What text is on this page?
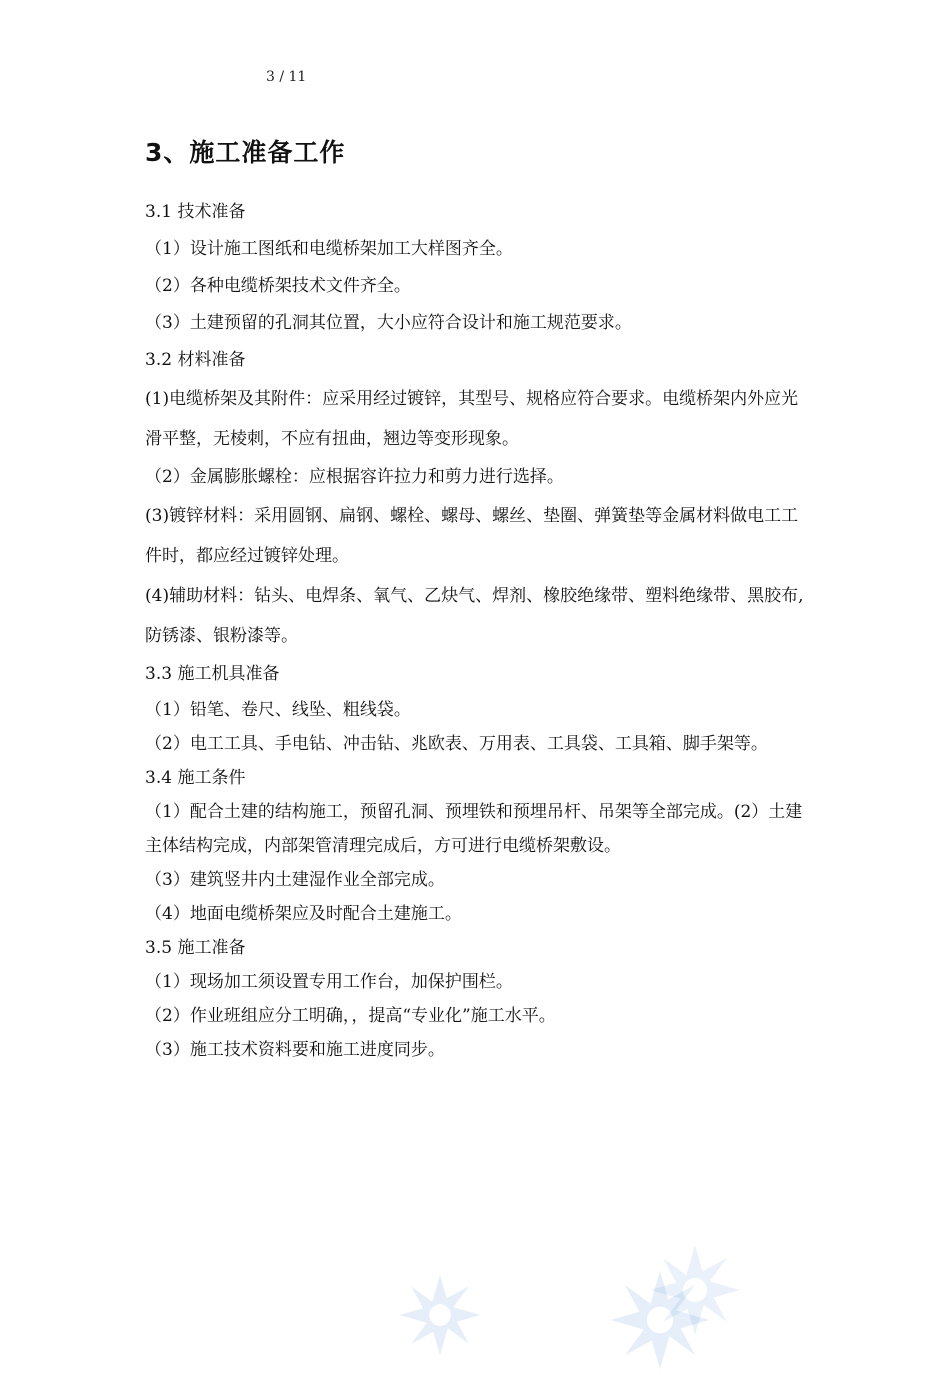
3 / 11
3、施工准备工作
3.1 技术准备
（1）设计施工图纸和电缆桥架加工大样图齐全。
（2）各种电缆桥架技术文件齐全。
（3）土建预留的孔洞其位置，大小应符合设计和施工规范要求。
3.2 材料准备
(1)电缆桥架及其附件：应采用经过镀锌，其型号、规格应符合要求。电缆桥架内外应光滑平整，无棱刺，不应有扭曲，翘边等变形现象。
（2）金属膨胀螺栓：应根据容许拉力和剪力进行选择。
(3)镀锌材料：采用圆钢、扁钢、螺栓、螺母、螺丝、垫圈、弹簧垫等金属材料做电工工件时，都应经过镀锌处理。
(4)辅助材料：钻头、电焊条、氧气、乙炔气、焊剂、橡胶绝缘带、塑料绝缘带、黑胶布,防锈漆、银粉漆等。
3.3 施工机具准备
（1）铅笔、卷尺、线坠、粗线袋。
（2）电工工具、手电钻、冲击钻、兆欧表、万用表、工具袋、工具箱、脚手架等。
3.4 施工条件
（1）配合土建的结构施工，预留孔洞、预埋铁和预埋吊杆、吊架等全部完成。(2）土建主体结构完成，内部架管清理完成后，方可进行电缆桥架敷设。
（3）建筑竖井内土建湿作业全部完成。
（4）地面电缆桥架应及时配合土建施工。
3.5 施工准备
（1）现场加工须设置专用工作台，加保护围栏。
（2）作业班组应分工明确，，提高“专业化”施工水平。
（3）施工技术资料要和施工进度同步。
